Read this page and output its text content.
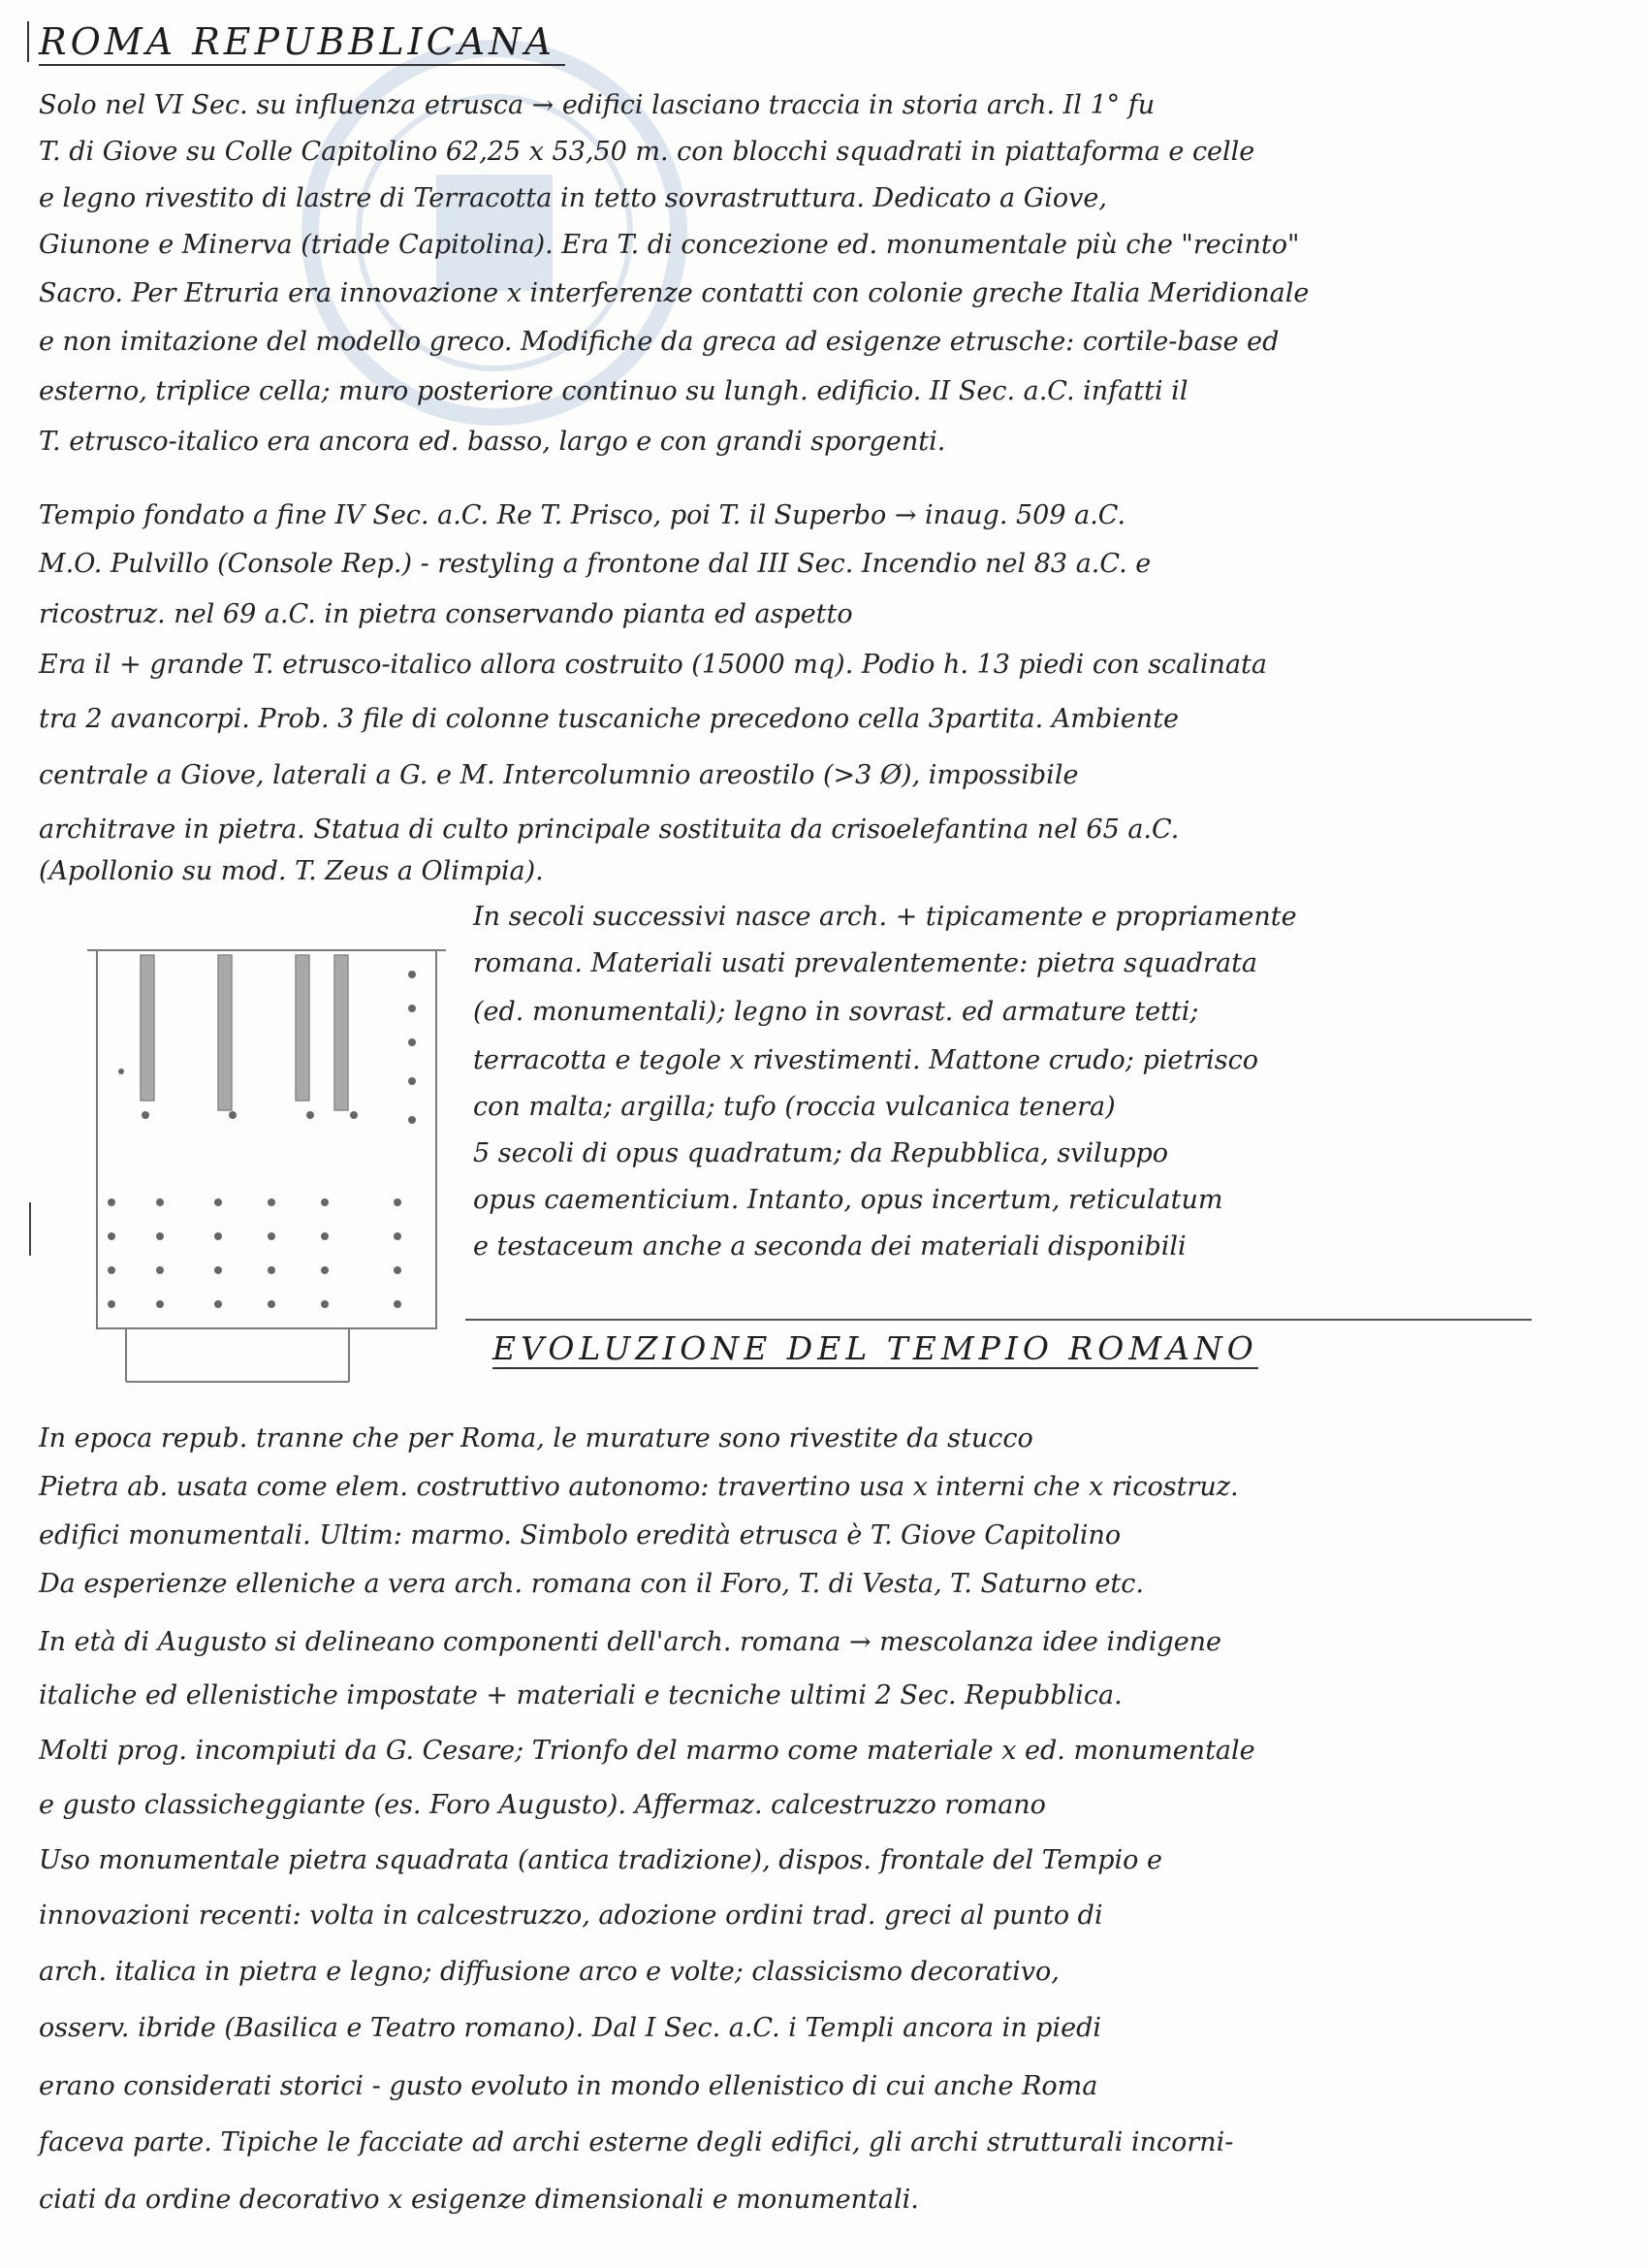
ROMA REPUBBLICANA
Solo nel VI Sec. su influenza etrusca → edifici lasciano traccia in storia arch. Il 1° fu
T. di Giove su Colle Capitolino 62,25 x 53,50 m. con blocchi squadrati in piattaforma e celle
e legno rivestito di lastre di Terracotta in tetto sovrastruttura. Dedicato a Giove,
Giunone e Minerva (triade Capitolina). Era T. di concezione ed. monumentale più che "recinto"
Sacro. Per Etruria era innovazione x interferenze contatti con colonie greche Italia Meridionale
e non imitazione del modello greco. Modifiche da greca ad esigenze etrusche: cortile-base ed
esterno, triplice cella; muro posteriore continuo su lungh. edificio. II Sec. a.C. infatti il
T. etrusco-italico era ancora ed. basso, largo e con grandi sporgenti.
Tempio fondato a fine IV Sec. a.C. Re T. Prisco, poi T. il Superbo → inaug. 509 a.C.
M.O. Pulvillo (Console Rep.) - restyling a frontone dal III Sec. Incendio nel 83 a.C. e
ricostruz. nel 69 a.C. in pietra conservando pianta ed aspetto
Era il + grande T. etrusco-italico allora costruito (15000 mq). Podio h. 13 piedi con scalinata
tra 2 avancorpi. Prob. 3 file di colonne tuscaniche precedono cella 3partita. Ambiente
centrale a Giove, laterali a G. e M. Intercolumnio areostilo (>3 Ø), impossibile
architrave in pietra. Statua di culto principale sostituita da crisoelefantina nel 65 a.C.
(Apollonio su mod. T. Zeus a Olimpia).
In secoli successivi nasce arch. + tipicamente e propriamente
romana. Materiali usati prevalentemente: pietra squadrata
(ed. monumentali); legno in sovrast. ed armature tetti;
terracotta e tegole x rivestimenti. Mattone crudo; pietrisco
con malta; argilla; tufo (roccia vulcanica tenera)
5 secoli di opus quadratum; da Repubblica, sviluppo
opus caementicium. Intanto, opus incertum, reticulatum
e testaceum anche a seconda dei materiali disponibili
EVOLUZIONE DEL TEMPIO ROMANO
In epoca repub. tranne che per Roma, le murature sono rivestite da stucco
Pietra ab. usata come elem. costruttivo autonomo: travertino usa x interni che x ricostruz.
edifici monumentali. Ultim: marmo. Simbolo eredità etrusca è T. Giove Capitolino
Da esperienze elleniche a vera arch. romana con il Foro, T. di Vesta, T. Saturno etc.
In età di Augusto si delineano componenti dell'arch. romana → mescolanza idee indigene
italiche ed ellenistiche impostate + materiali e tecniche ultimi 2 Sec. Repubblica.
Molti prog. incompiuti da G. Cesare; Trionfo del marmo come materiale x ed. monumentale
e gusto classicheggiante (es. Foro Augusto). Affermaz. calcestruzzo romano
Uso monumentale pietra squadrata (antica tradizione), dispos. frontale del Tempio e
innovazioni recenti: volta in calcestruzzo, adozione ordini trad. greci al punto di
arch. italica in pietra e legno; diffusione arco e volte; classicismo decorativo,
osserv. ibride (Basilica e Teatro romano). Dal I Sec. a.C. i Templi ancora in piedi
erano considerati storici - gusto evoluto in mondo ellenistico di cui anche Roma
faceva parte. Tipiche le facciate ad archi esterne degli edifici, gli archi strutturali incorni-
ciati da ordine decorativo x esigenze dimensionali e monumentali.
